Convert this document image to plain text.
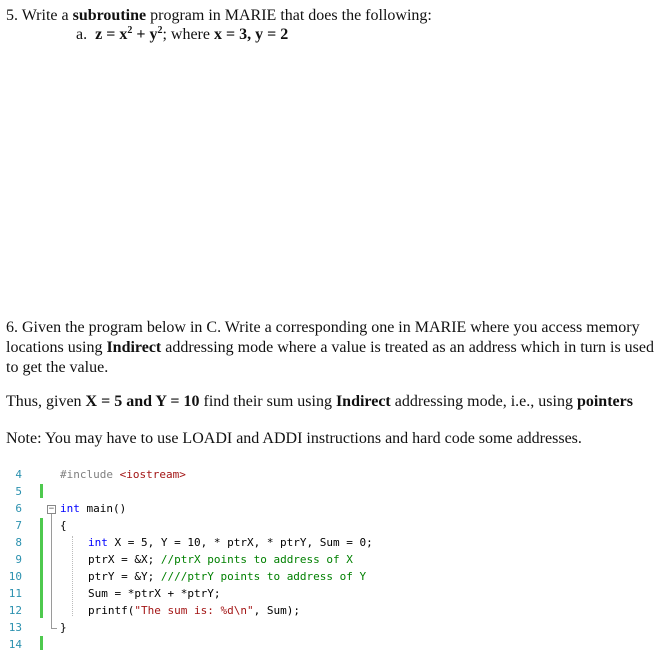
5. Write a subroutine program in MARIE that does the following:
a. $z = x^2 + y^2$; where x = 3, y = 2
6. Given the program below in C. Write a corresponding one in MARIE where you access memory locations using Indirect addressing mode where a value is treated as an address which in turn is used to get the value.
Thus, given X = 5 and Y = 10 find their sum using Indirect addressing mode, i.e., using pointers
Note: You may have to use LOADI and ADDI instructions and hard code some addresses.
4
5
6
7
8
9
10
11
12
13
14
−
#include <iostream>
int main()
{
int X = 5, Y = 10, * ptrX, * ptrY, Sum = 0;
ptrX = &X; //ptrX points to address of X
ptrY = &Y; ////ptrY points to address of Y
Sum = *ptrX + *ptrY;
printf("The sum is: %d\n", Sum);
}
